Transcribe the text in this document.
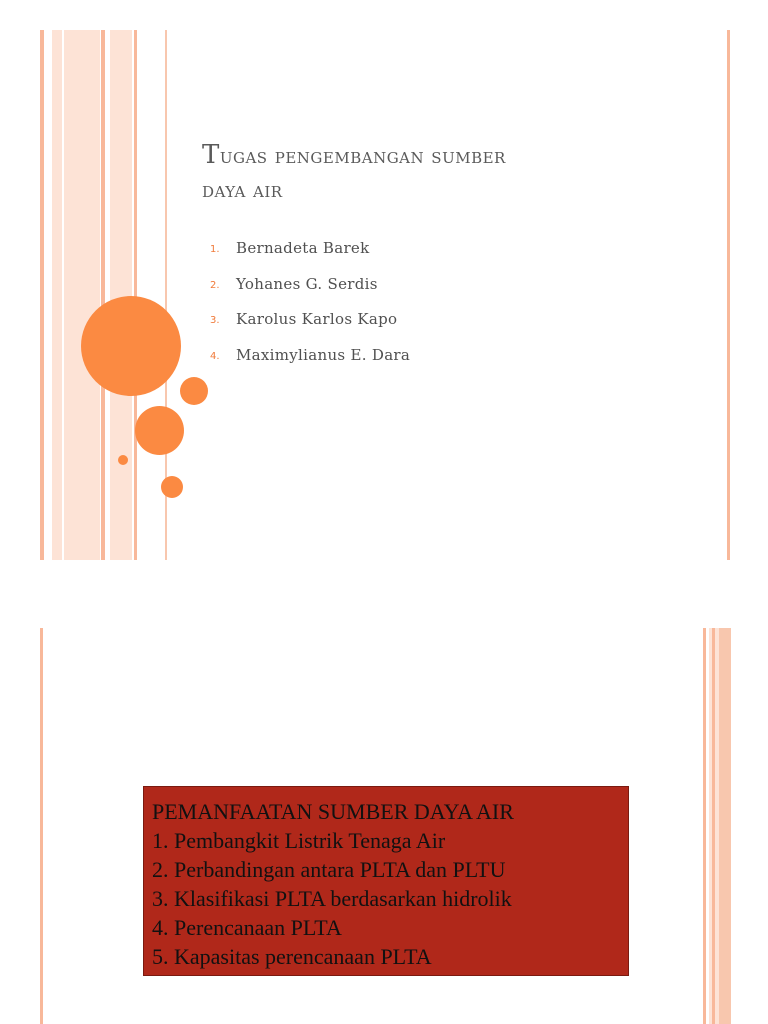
Tugas pengembangan sumber
daya air
1.	Bernadeta Barek
2.	Yohanes G. Serdis
3.	Karolus Karlos Kapo
4.	Maximylianus E. Dara
PEMANFAATAN SUMBER DAYA AIR
1. Pembangkit Listrik Tenaga Air
2. Perbandingan antara PLTA dan PLTU
3. Klasifikasi PLTA berdasarkan hidrolik
4. Perencanaan PLTA
5. Kapasitas perencanaan PLTA
